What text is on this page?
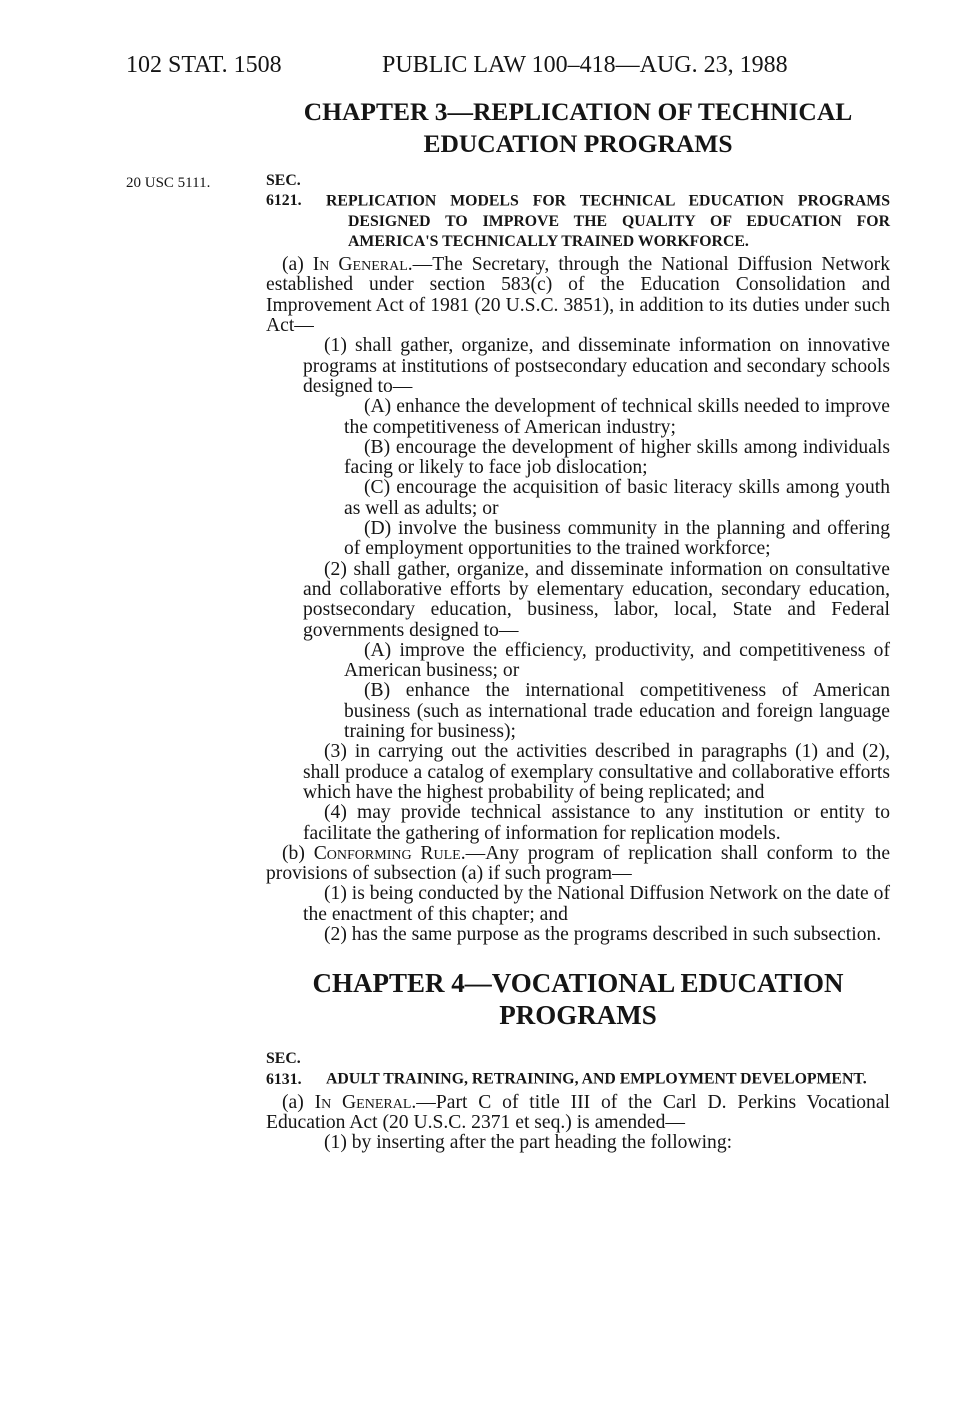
102 STAT. 1508	PUBLIC LAW 100–418—AUG. 23, 1988
20 USC 5111.
CHAPTER 3—REPLICATION OF TECHNICAL
EDUCATION PROGRAMS
SEC. 6121. REPLICATION MODELS FOR TECHNICAL EDUCATION PROGRAMS DESIGNED TO IMPROVE THE QUALITY OF EDUCATION FOR AMERICA'S TECHNICALLY TRAINED WORKFORCE.

(a) In General.—The Secretary, through the National Diffusion Network established under section 583(c) of the Education Consolidation and Improvement Act of 1981 (20 U.S.C. 3851), in addition to its duties under such Act—

(1) shall gather, organize, and disseminate information on innovative programs at institutions of postsecondary education and secondary schools designed to—

(A) enhance the development of technical skills needed to improve the competitiveness of American industry;

(B) encourage the development of higher skills among individuals facing or likely to face job dislocation;

(C) encourage the acquisition of basic literacy skills among youth as well as adults; or

(D) involve the business community in the planning and offering of employment opportunities to the trained workforce;

(2) shall gather, organize, and disseminate information on consultative and collaborative efforts by elementary education, secondary education, postsecondary education, business, labor, local, State and Federal governments designed to—

(A) improve the efficiency, productivity, and competitiveness of American business; or

(B) enhance the international competitiveness of American business (such as international trade education and foreign language training for business);

(3) in carrying out the activities described in paragraphs (1) and (2), shall produce a catalog of exemplary consultative and collaborative efforts which have the highest probability of being replicated; and

(4) may provide technical assistance to any institution or entity to facilitate the gathering of information for replication models.

(b) Conforming Rule.—Any program of replication shall conform to the provisions of subsection (a) if such program—

(1) is being conducted by the National Diffusion Network on the date of the enactment of this chapter; and

(2) has the same purpose as the programs described in such subsection.

CHAPTER 4—VOCATIONAL EDUCATION
PROGRAMS
SEC. 6131. ADULT TRAINING, RETRAINING, AND EMPLOYMENT DEVELOPMENT.

(a) In General.—Part C of title III of the Carl D. Perkins Vocational Education Act (20 U.S.C. 2371 et seq.) is amended—

(1) by inserting after the part heading the following:
